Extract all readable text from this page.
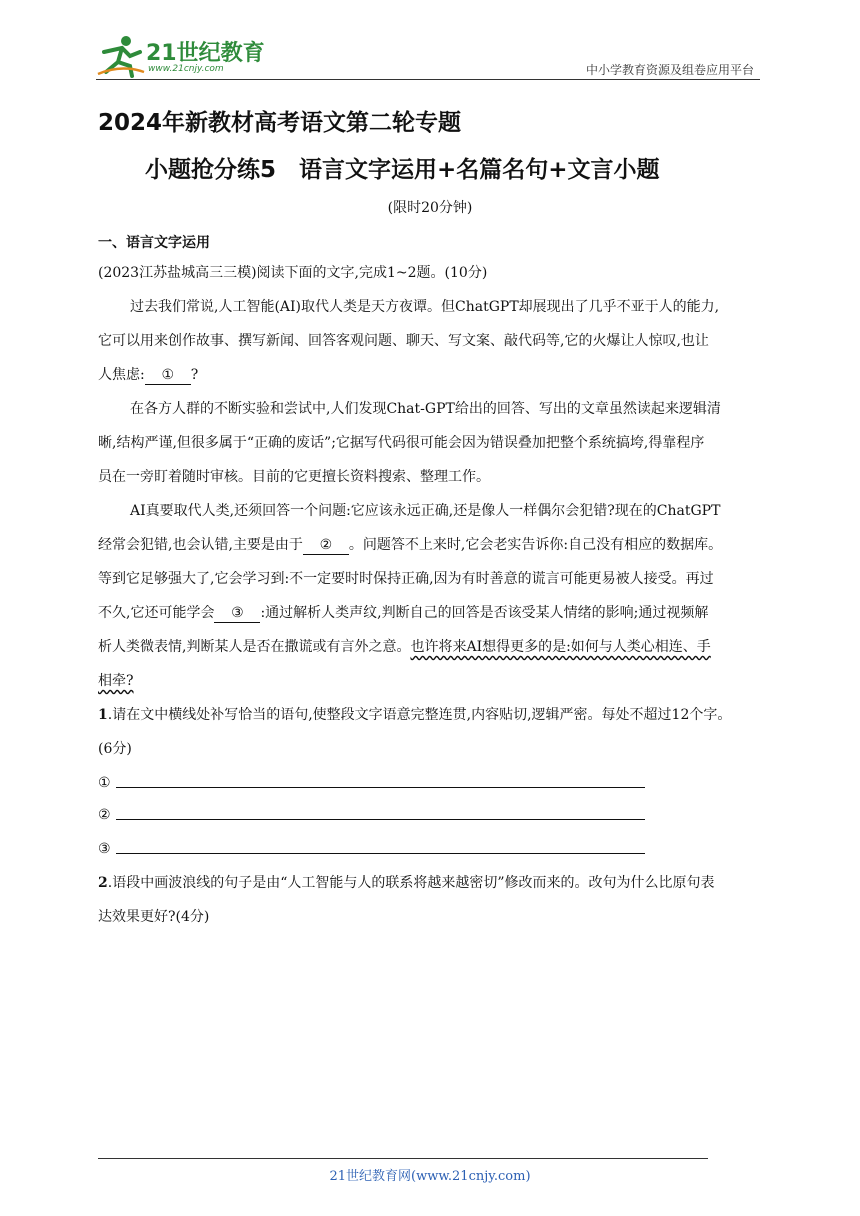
21世纪教育
www.21cnjy.com	中小学教育资源及组卷应用平台
2024年新教材高考语文第二轮专题
小题抢分练5　语言文字运用+名篇名句+文言小题
(限时20分钟)
一、语言文字运用
(2023江苏盐城高三三模)阅读下面的文字,完成1~2题。(10分)
过去我们常说,人工智能(AI)取代人类是天方夜谭。但ChatGPT却展现出了几乎不亚于人的能力,
它可以用来创作故事、撰写新闻、回答客观问题、聊天、写文案、敲代码等,它的火爆让人惊叹,也让
人焦虑: ① ?
在各方人群的不断实验和尝试中,人们发现Chat-GPT给出的回答、写出的文章虽然读起来逻辑清
晰,结构严谨,但很多属于“正确的废话”;它据写代码很可能会因为错误叠加把整个系统搞垮,得靠程序
员在一旁盯着随时审核。目前的它更擅长资料搜索、整理工作。
AI真要取代人类,还须回答一个问题:它应该永远正确,还是像人一样偶尔会犯错?现在的ChatGPT
经常会犯错,也会认错,主要是由于 ② 。问题答不上来时,它会老实告诉你:自己没有相应的数据库。
等到它足够强大了,它会学习到:不一定要时时保持正确,因为有时善意的谎言可能更易被人接受。再过
不久,它还可能学会 ③ :通过解析人类声纹,判断自己的回答是否该受某人情绪的影响;通过视频解
析人类微表情,判断某人是否在撒谎或有言外之意。也许将来AI想得更多的是:如何与人类心相连、手
相牵?
1.请在文中横线处补写恰当的语句,使整段文字语意完整连贯,内容贴切,逻辑严密。每处不超过12个字。
(6分)
①
②
③
2.语段中画波浪线的句子是由“人工智能与人的联系将越来越密切”修改而来的。改句为什么比原句表
达效果更好?(4分)
21世纪教育网(www.21cnjy.com)
